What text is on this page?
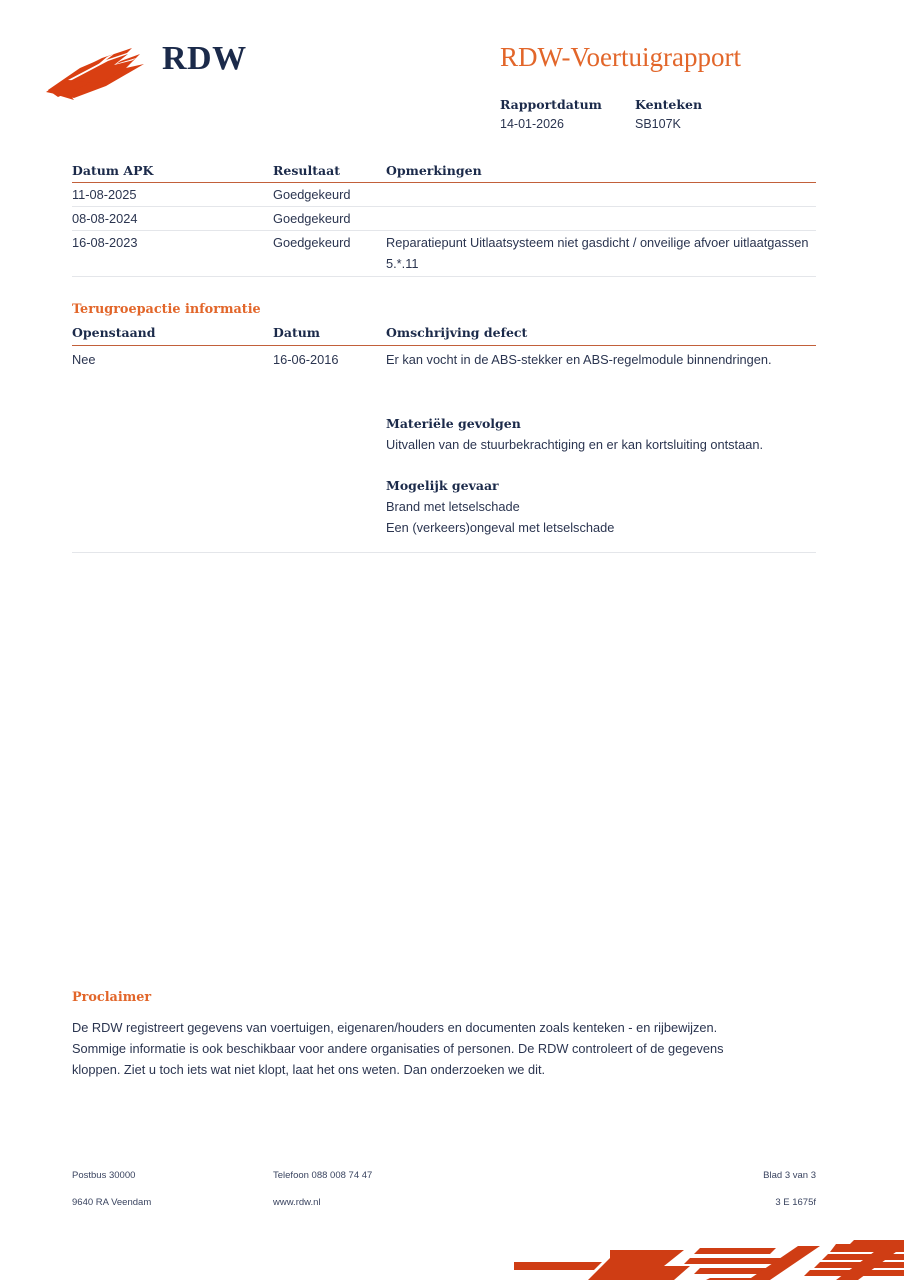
RDW	RDW-Voertuigrapport
Rapportdatum
14-01-2026
Kenteken
SB107K
Datum APK	Resultaat	Opmerkingen
11-08-2025	Goedgekeurd
08-08-2024	Goedgekeurd
16-08-2023	Goedgekeurd	Reparatiepunt Uitlaatsysteem niet gasdicht / onveilige afvoer uitlaatgassen 5.*.11
Terugroepactie informatie
Openstaand	Datum	Omschrijving defect
Nee	16-06-2016	Er kan vocht in de ABS-stekker en ABS-regelmodule binnendringen.
Materiële gevolgen
Uitvallen van de stuurbekrachtiging en er kan kortsluiting ontstaan.
Mogelijk gevaar
Brand met letselschade
Een (verkeers)ongeval met letselschade
Proclaimer

De RDW registreert gegevens van voertuigen, eigenaren/houders en documenten zoals kenteken - en rijbewijzen.

Sommige informatie is ook beschikbaar voor andere organisaties of personen. De RDW controleert of de gegevens

kloppen. Ziet u toch iets wat niet klopt, laat het ons weten. Dan onderzoeken we dit.

Postbus 30000	Telefoon 088 008 74 47	Blad 3 van 3
9640 RA Veendam	www.rdw.nl	3 E 1675f
